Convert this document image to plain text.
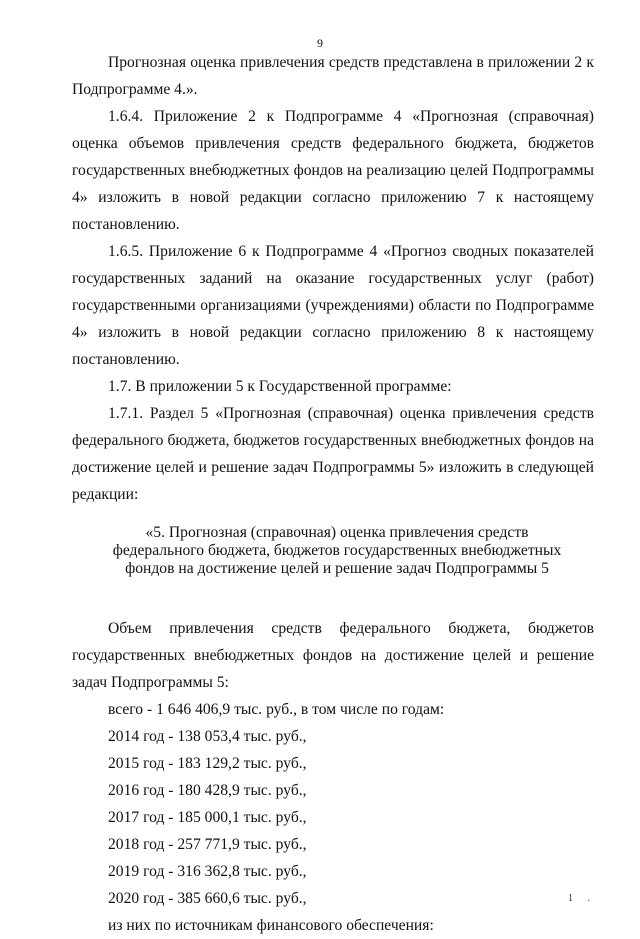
9

Прогнозная оценка привлечения средств представлена в приложении 2 к Подпрограмме 4.».

1.6.4. Приложение 2 к Подпрограмме 4 «Прогнозная (справочная) оценка объемов привлечения средств федерального бюджета, бюджетов государственных внебюджетных фондов на реализацию целей Подпрограммы 4» изложить в новой редакции согласно приложению 7 к настоящему постановлению.

1.6.5. Приложение 6 к Подпрограмме 4 «Прогноз сводных показателей государственных заданий на оказание государственных услуг (работ) государственными организациями (учреждениями) области по Подпрограмме 4» изложить в новой редакции согласно приложению 8 к настоящему постановлению.

1.7. В приложении 5 к Государственной программе:

1.7.1. Раздел 5 «Прогнозная (справочная) оценка привлечения средств федерального бюджета, бюджетов государственных внебюджетных фондов на достижение целей и решение задач Подпрограммы 5» изложить в следующей редакции:

«5. Прогнозная (справочная) оценка привлечения средств
федерального бюджета, бюджетов государственных внебюджетных
фондов на достижение целей и решение задач Подпрограммы 5

Объем привлечения средств федерального бюджета, бюджетов государственных внебюджетных фондов на достижение целей и решение задач Подпрограммы 5:

всего - 1 646 406,9 тыс. руб., в том числе по годам:

2014 год - 138 053,4 тыс. руб.,

2015 год - 183 129,2 тыс. руб.,

2016 год - 180 428,9 тыс. руб.,

2017 год - 185 000,1 тыс. руб.,

2018 год - 257 771,9 тыс. руб.,

2019 год - 316 362,8 тыс. руб.,

2020 год - 385 660,6 тыс. руб.,

из них по источникам финансового обеспечения:

1 .
